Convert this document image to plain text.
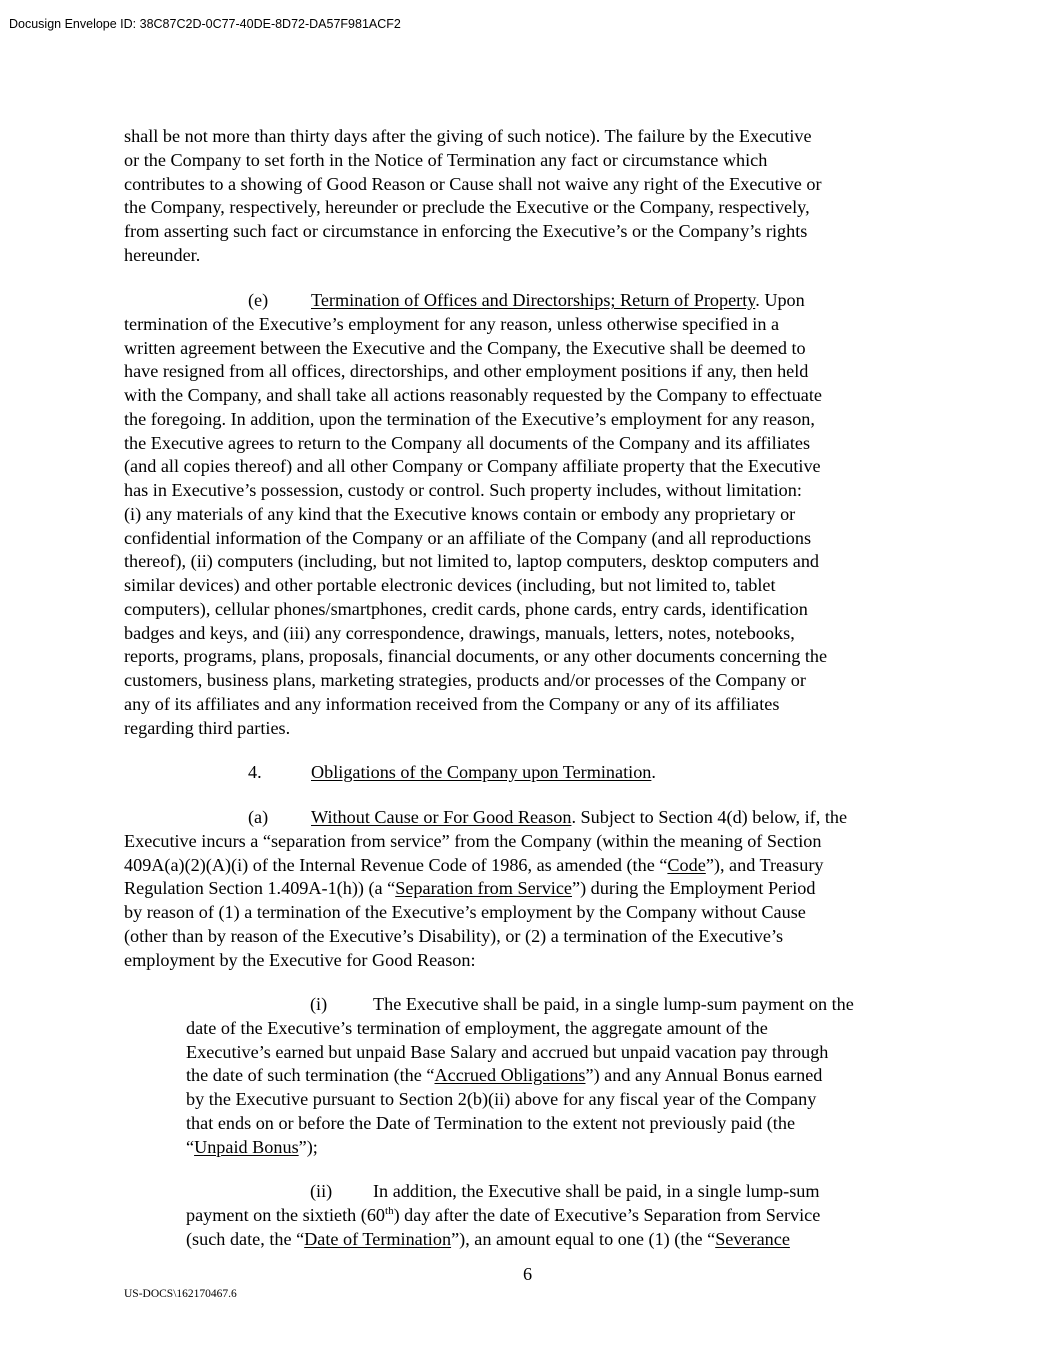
Docusign Envelope ID: 38C87C2D-0C77-40DE-8D72-DA57F981ACF2
shall be not more than thirty days after the giving of such notice). The failure by the Executive
or the Company to set forth in the Notice of Termination any fact or circumstance which
contributes to a showing of Good Reason or Cause shall not waive any right of the Executive or
the Company, respectively, hereunder or preclude the Executive or the Company, respectively,
from asserting such fact or circumstance in enforcing the Executive’s or the Company’s rights
hereunder.
(e) Termination of Offices and Directorships; Return of Property. Upon
termination of the Executive’s employment for any reason, unless otherwise specified in a
written agreement between the Executive and the Company, the Executive shall be deemed to
have resigned from all offices, directorships, and other employment positions if any, then held
with the Company, and shall take all actions reasonably requested by the Company to effectuate
the foregoing. In addition, upon the termination of the Executive’s employment for any reason,
the Executive agrees to return to the Company all documents of the Company and its affiliates
(and all copies thereof) and all other Company or Company affiliate property that the Executive
has in Executive’s possession, custody or control. Such property includes, without limitation:
(i) any materials of any kind that the Executive knows contain or embody any proprietary or
confidential information of the Company or an affiliate of the Company (and all reproductions
thereof), (ii) computers (including, but not limited to, laptop computers, desktop computers and
similar devices) and other portable electronic devices (including, but not limited to, tablet
computers), cellular phones/smartphones, credit cards, phone cards, entry cards, identification
badges and keys, and (iii) any correspondence, drawings, manuals, letters, notes, notebooks,
reports, programs, plans, proposals, financial documents, or any other documents concerning the
customers, business plans, marketing strategies, products and/or processes of the Company or
any of its affiliates and any information received from the Company or any of its affiliates
regarding third parties.
4.	Obligations of the Company upon Termination.
(a) Without Cause or For Good Reason. Subject to Section 4(d) below, if, the
Executive incurs a “separation from service” from the Company (within the meaning of Section
409A(a)(2)(A)(i) of the Internal Revenue Code of 1986, as amended (the “Code”), and Treasury
Regulation Section 1.409A-1(h)) (a “Separation from Service”) during the Employment Period
by reason of (1) a termination of the Executive’s employment by the Company without Cause
(other than by reason of the Executive’s Disability), or (2) a termination of the Executive’s
employment by the Executive for Good Reason:
(i)	The Executive shall be paid, in a single lump-sum payment on the
date of the Executive’s termination of employment, the aggregate amount of the
Executive’s earned but unpaid Base Salary and accrued but unpaid vacation pay through
the date of such termination (the “Accrued Obligations”) and any Annual Bonus earned
by the Executive pursuant to Section 2(b)(ii) above for any fiscal year of the Company
that ends on or before the Date of Termination to the extent not previously paid (the
“Unpaid Bonus”);
(ii) In addition, the Executive shall be paid, in a single lump-sum
payment on the sixtieth (60th) day after the date of Executive’s Separation from Service
(such date, the “Date of Termination”), an amount equal to one (1) (the “Severance
6
US-DOCS\162170467.6
